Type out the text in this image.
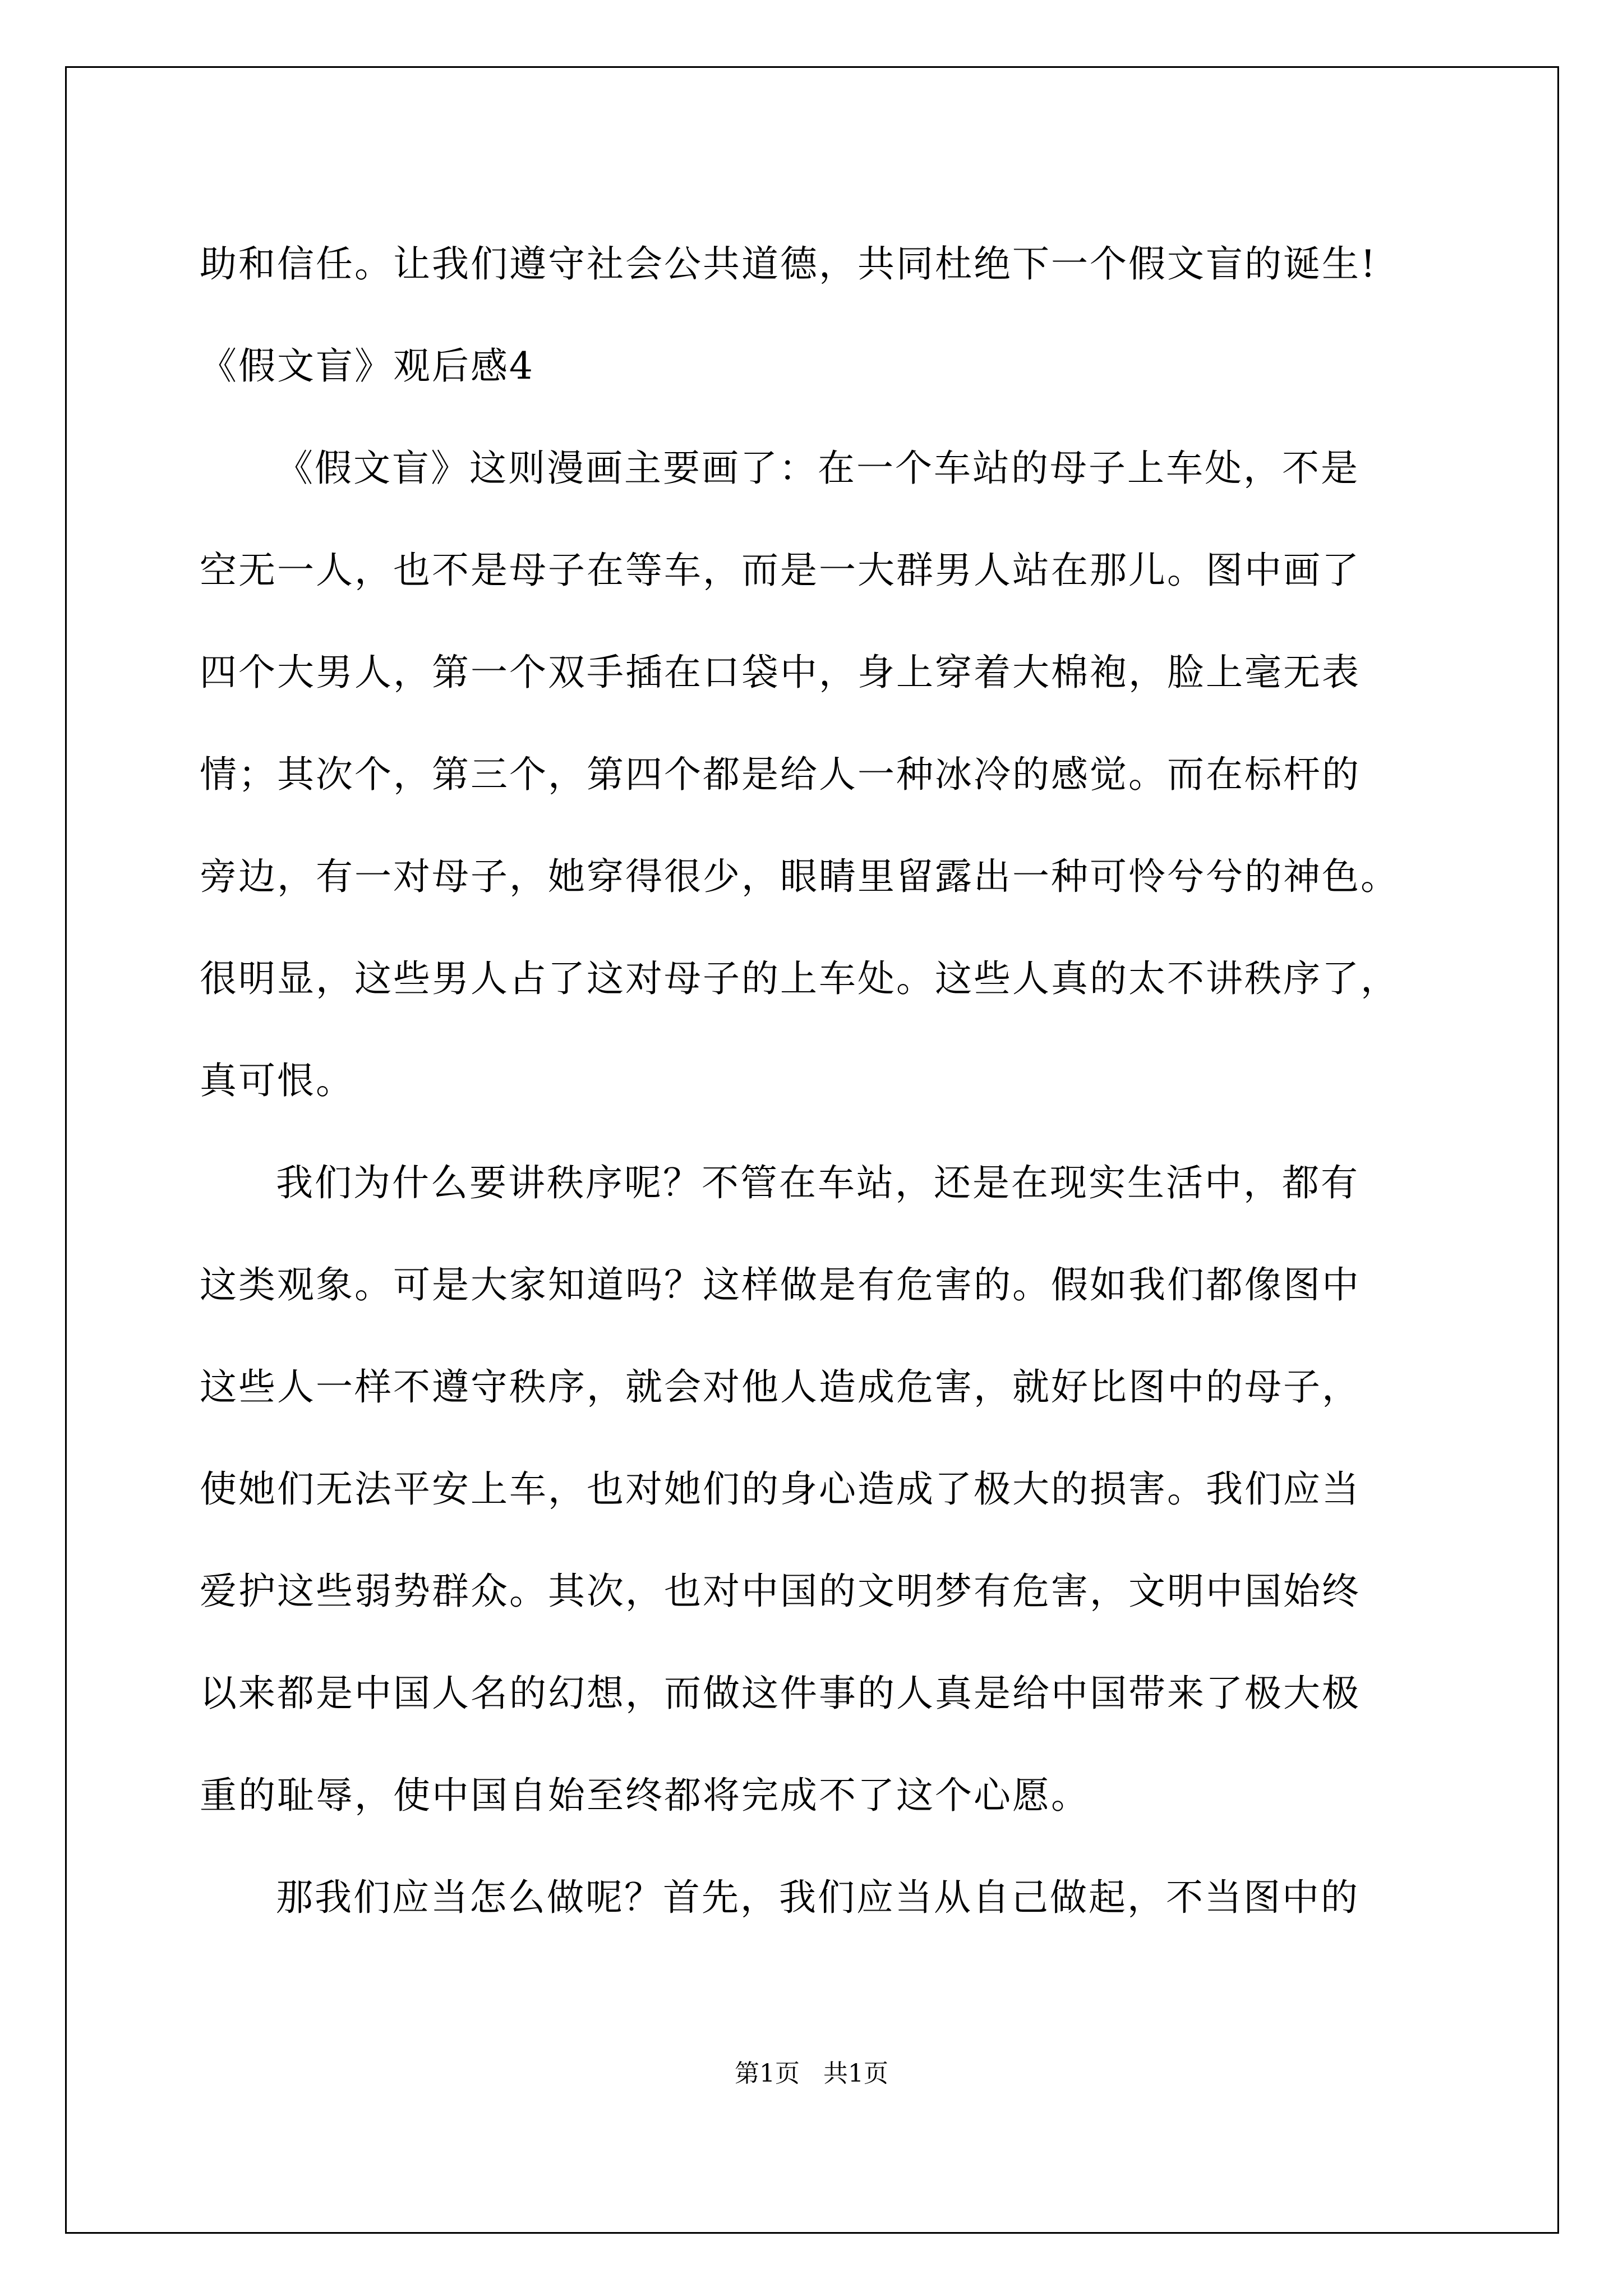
助和信任。让我们遵守社会公共道德，共同杜绝下一个假文盲的诞生!
《假文盲》观后感4
《假文盲》这则漫画主要画了：在一个车站的母子上车处，不是
空无一人，也不是母子在等车，而是一大群男人站在那儿。图中画了
四个大男人，第一个双手插在口袋中，身上穿着大棉袍，脸上毫无表
情；其次个，第三个，第四个都是给人一种冰冷的感觉。而在标杆的
旁边，有一对母子，她穿得很少，眼睛里留露出一种可怜兮兮的神色。
很明显，这些男人占了这对母子的上车处。这些人真的太不讲秩序了，
真可恨。
我们为什么要讲秩序呢？不管在车站，还是在现实生活中，都有
这类观象。可是大家知道吗？这样做是有危害的。假如我们都像图中
这些人一样不遵守秩序，就会对他人造成危害，就好比图中的母子，
使她们无法平安上车，也对她们的身心造成了极大的损害。我们应当
爱护这些弱势群众。其次，也对中国的文明梦有危害，文明中国始终
以来都是中国人名的幻想，而做这件事的人真是给中国带来了极大极
重的耻辱，使中国自始至终都将完成不了这个心愿。
那我们应当怎么做呢？首先，我们应当从自己做起，不当图中的
第1页   共1页
